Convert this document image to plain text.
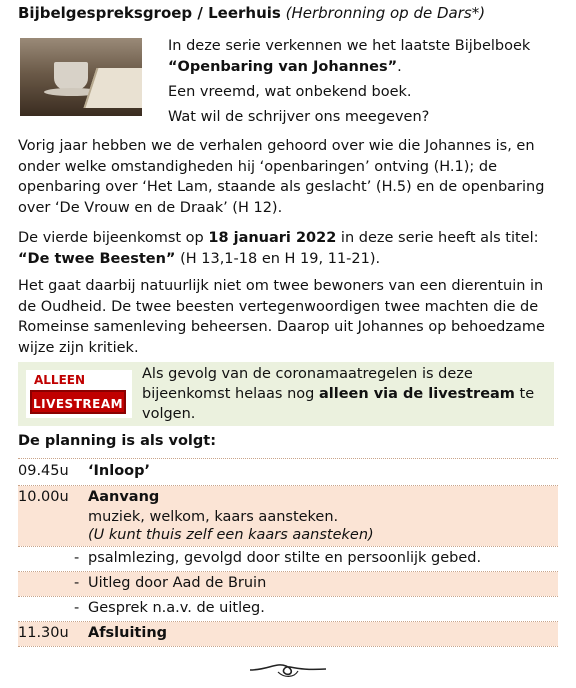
Bijbelgespreksgroep / Leerhuis (Herbronning op de Dars*)

In deze serie verkennen we het laatste Bijbelboek
“Openbaring van Johannes”.

Een vreemd, wat onbekend boek.

Wat wil de schrijver ons meegeven?

Vorig jaar hebben we de verhalen gehoord over wie die Johannes is, en onder welke omstandigheden hij ‘openbaringen’ ontving (H.1); de openbaring over ‘Het Lam, staande als geslacht’ (H.5) en de openbaring over ‘De Vrouw en de Draak’ (H 12).

De vierde bijeenkomst op 18 januari 2022 in deze serie heeft als titel:
“De twee Beesten” (H 13,1-18 en H 19, 11-21).

Het gaat daarbij natuurlijk niet om twee bewoners van een dierentuin in de Oudheid. De twee beesten vertegenwoordigen twee machten die de Romeinse samenleving beheersen. Daarop uit Johannes op behoedzame wijze zijn kritiek.

ALLEEN
LIVESTREAM
Als gevolg van de coronamaatregelen is deze bijeenkomst helaas nog alleen via de livestream te volgen.
De planning is als volgt:
09.45u ‘Inloop’
10.00u Aanvang
muziek, welkom, kaars aansteken.
(U kunt thuis zelf een kaars aansteken)
- psalmlezing, gevolgd door stilte en persoonlijk gebed.
- Uitleg door Aad de Bruin
- Gesprek n.a.v. de uitleg.
11.30u Afsluiting
